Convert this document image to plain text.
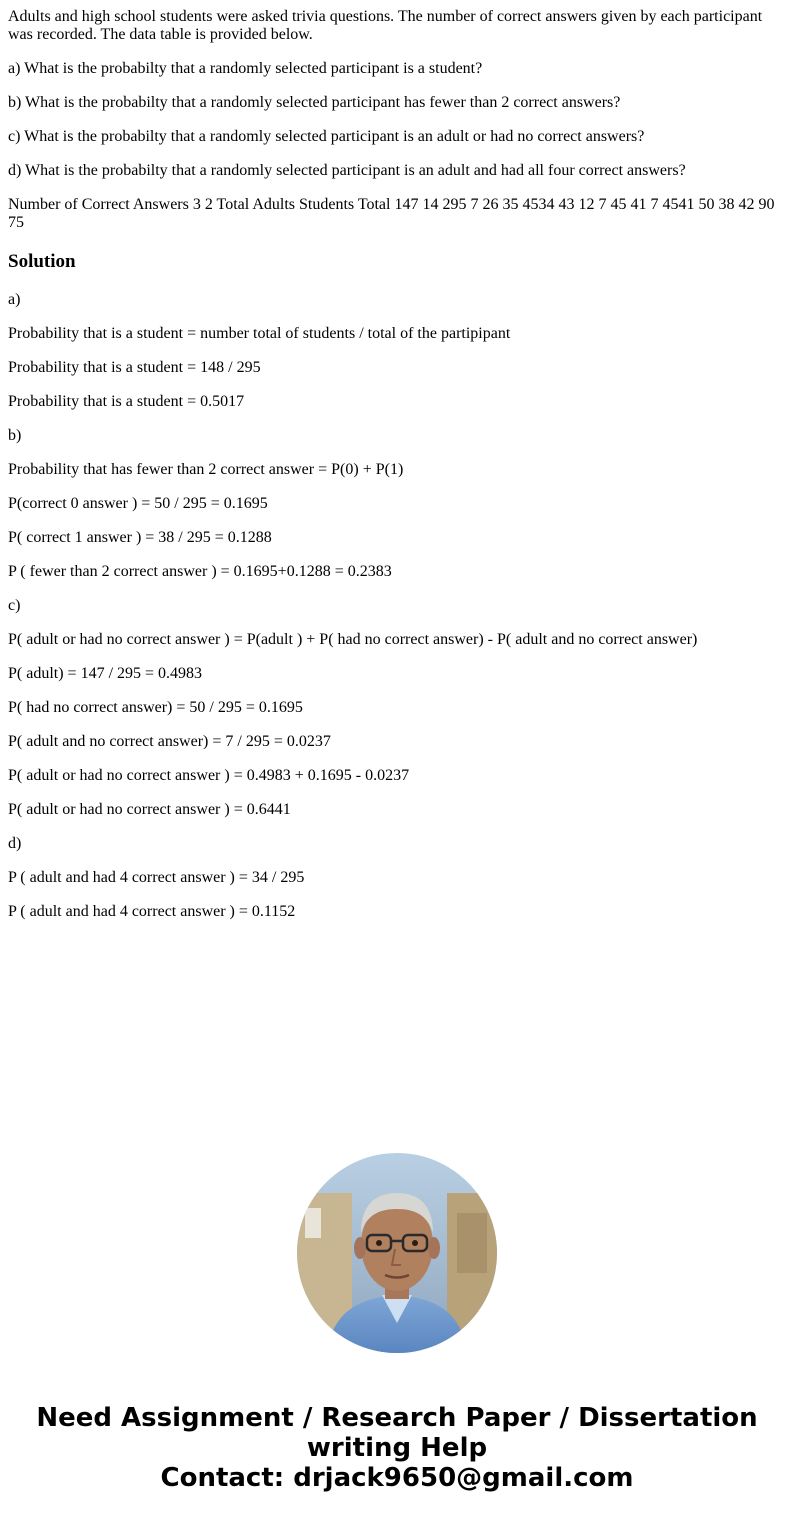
Adults and high school students were asked trivia questions. The number of correct answers given by each participant was recorded. The data table is provided below.

a) What is the probabilty that a randomly selected participant is a student?

b) What is the probabilty that a randomly selected participant has fewer than 2 correct answers?

c) What is the probabilty that a randomly selected participant is an adult or had no correct answers?

d) What is the probabilty that a randomly selected participant is an adult and had all four correct answers?

Number of Correct Answers 3 2 Total Adults Students Total 147 14 295 7 26 35 4534 43 12 7 45 41 7 4541 50 38 42 90 75

Solution

a)

Probability that is a student = number total of students / total of the partipipant

Probability that is a student = 148 / 295

Probability that is a student = 0.5017

b)

Probability that has fewer than 2 correct answer = P(0) + P(1)

P(correct 0 answer ) = 50 / 295 = 0.1695

P( correct 1 answer ) = 38 / 295 = 0.1288

P ( fewer than 2 correct answer ) = 0.1695+0.1288 = 0.2383

c)

P( adult or had no correct answer ) = P(adult ) + P( had no correct answer) - P( adult and no correct answer)

P( adult) = 147 / 295 = 0.4983

P( had no correct answer) = 50 / 295 = 0.1695

P( adult and no correct answer) = 7 / 295 = 0.0237

P( adult or had no correct answer ) = 0.4983 + 0.1695 - 0.0237

P( adult or had no correct answer ) = 0.6441

d)

P ( adult and had 4 correct answer ) = 34 / 295

P ( adult and had 4 correct answer ) = 0.1152

Need Assignment / Research Paper / Dissertation
writing Help
Contact: drjack9650@gmail.com
